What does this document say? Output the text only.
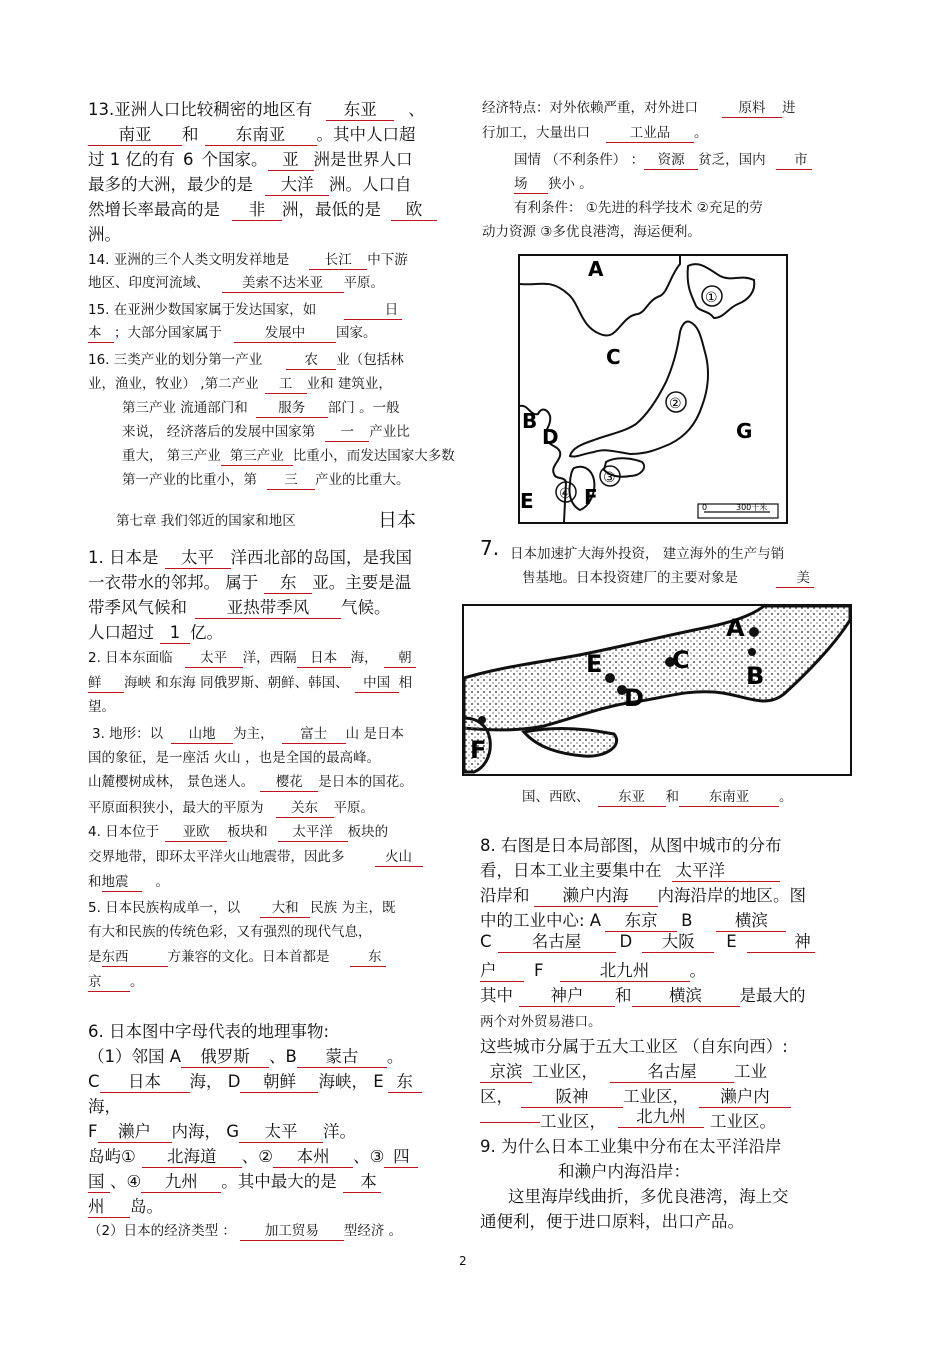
13.亚洲人口比较稠密的地区有 东亚 、
南亚 和 东南亚 。其中人口超
过 1 亿的有 6 个国家。 亚 洲是世界人口
最多的大洲，最少的是 大洋 洲。人口自
然增长率最高的是 非 洲，最低的是 欧
洲。
14. 亚洲的三个人类文明发祥地是	长江 中下游
地区、印度河流域、 美索不达米亚 平原。
15. 在亚洲少数国家属于发达国家，如	日
本 ；大部分国家属于	发展中 国家。
16. 三类产业的划分第一产业	农 业（包括林
业，渔业，牧业） ,第二产业 工 业和 建筑业，
第三产业 流通部门和 服务 部门 。一般
来说， 经济落后的发展中国家第 一 产业比
重大， 第三产业 第三产业 比重小，而发达国家大多数
第一产业的比重小，第 三 产业的比重大。
第七章 我们邻近的国家和地区	日本
1. 日本是 太平 洋西北部的岛国，是我国
一衣带水的邻邦。 属于 东 亚。主要是温
带季风气候和 亚热带季风 气候。
人口超过 1 亿。
2. 日本东面临 太平 洋，西隔 日本 海， 朝
鲜 海峡 和东海 同俄罗斯、朝鲜、韩国、 中国 相
望。
3. 地形：以 山地 为主， 富士 山 是日本
国的象征，是一座活 火山 ，也是全国的最高峰。
山麓樱树成林， 景色迷人。 樱花 是日本的国花。
平原面积狭小，最大的平原为 关东 平原。
4. 日本位于 亚欧 板块和 太平洋 板块的
交界地带，即环太平洋火山地震带，因此多	火山
和地震 。
5. 日本民族构成单一，以 大和 民族 为主，既
有大和民族的传统色彩，又有强烈的现代气息，
是东西	方兼容的文化。日本首都是	东
京 。
6. 日本图中字母代表的地理事物:
（1）邻国 A 俄罗斯 、B 蒙古 。
C 日本 海， D 朝鲜 海峡， E 东
海，
F 濑户 内海， G 太平 洋。
岛屿① 北海道 、② 本州 、③ 四
国 、④ 九州 。其中最大的是 本
州 岛。
（2）日本的经济类型 ： 加工贸易 型经济 。
经济特点：对外依赖严重，对外进口	原料 进
行加工，大量出口	工业品 。
国情 （不利条件） ： 资源 贫乏，国内 市
场 狭小 。
有利条件： ①先进的科学技术 ②充足的劳
动力资源 ③多优良港湾，海运便利。
A
B
C
D
E	F
G
①
②
③
④
0	300千米
7. 日本加速扩大海外投资， 建立海外的生产与销
售基地。日本投资建厂的主要对象是	美
A
B
C
D
E
F
国、西欧、 东亚 和 东南亚 。
8. 右图是日本局部图，从图中城市的分布
看，日本工业主要集中在 太平洋
沿岸和 濑户内海 内海沿岸的地区。图
中的工业中心: A 东京 B	横滨
C 名古屋 D 大阪 E	神
户 F	北九州 。
其中 神户 和 横滨 是最大的
两个对外贸易港口。
这些城市分属于五大工业区 （自东向西）:
京滨 工业区，	名古屋 工业
区，	阪神 工业区， 濑户内
工业区，	北九州	工业区。
9. 为什么日本工业集中分布在太平洋沿岸
和濑户内海沿岸：
这里海岸线曲折，多优良港湾，海上交
通便利，便于进口原料，出口产品。
2
